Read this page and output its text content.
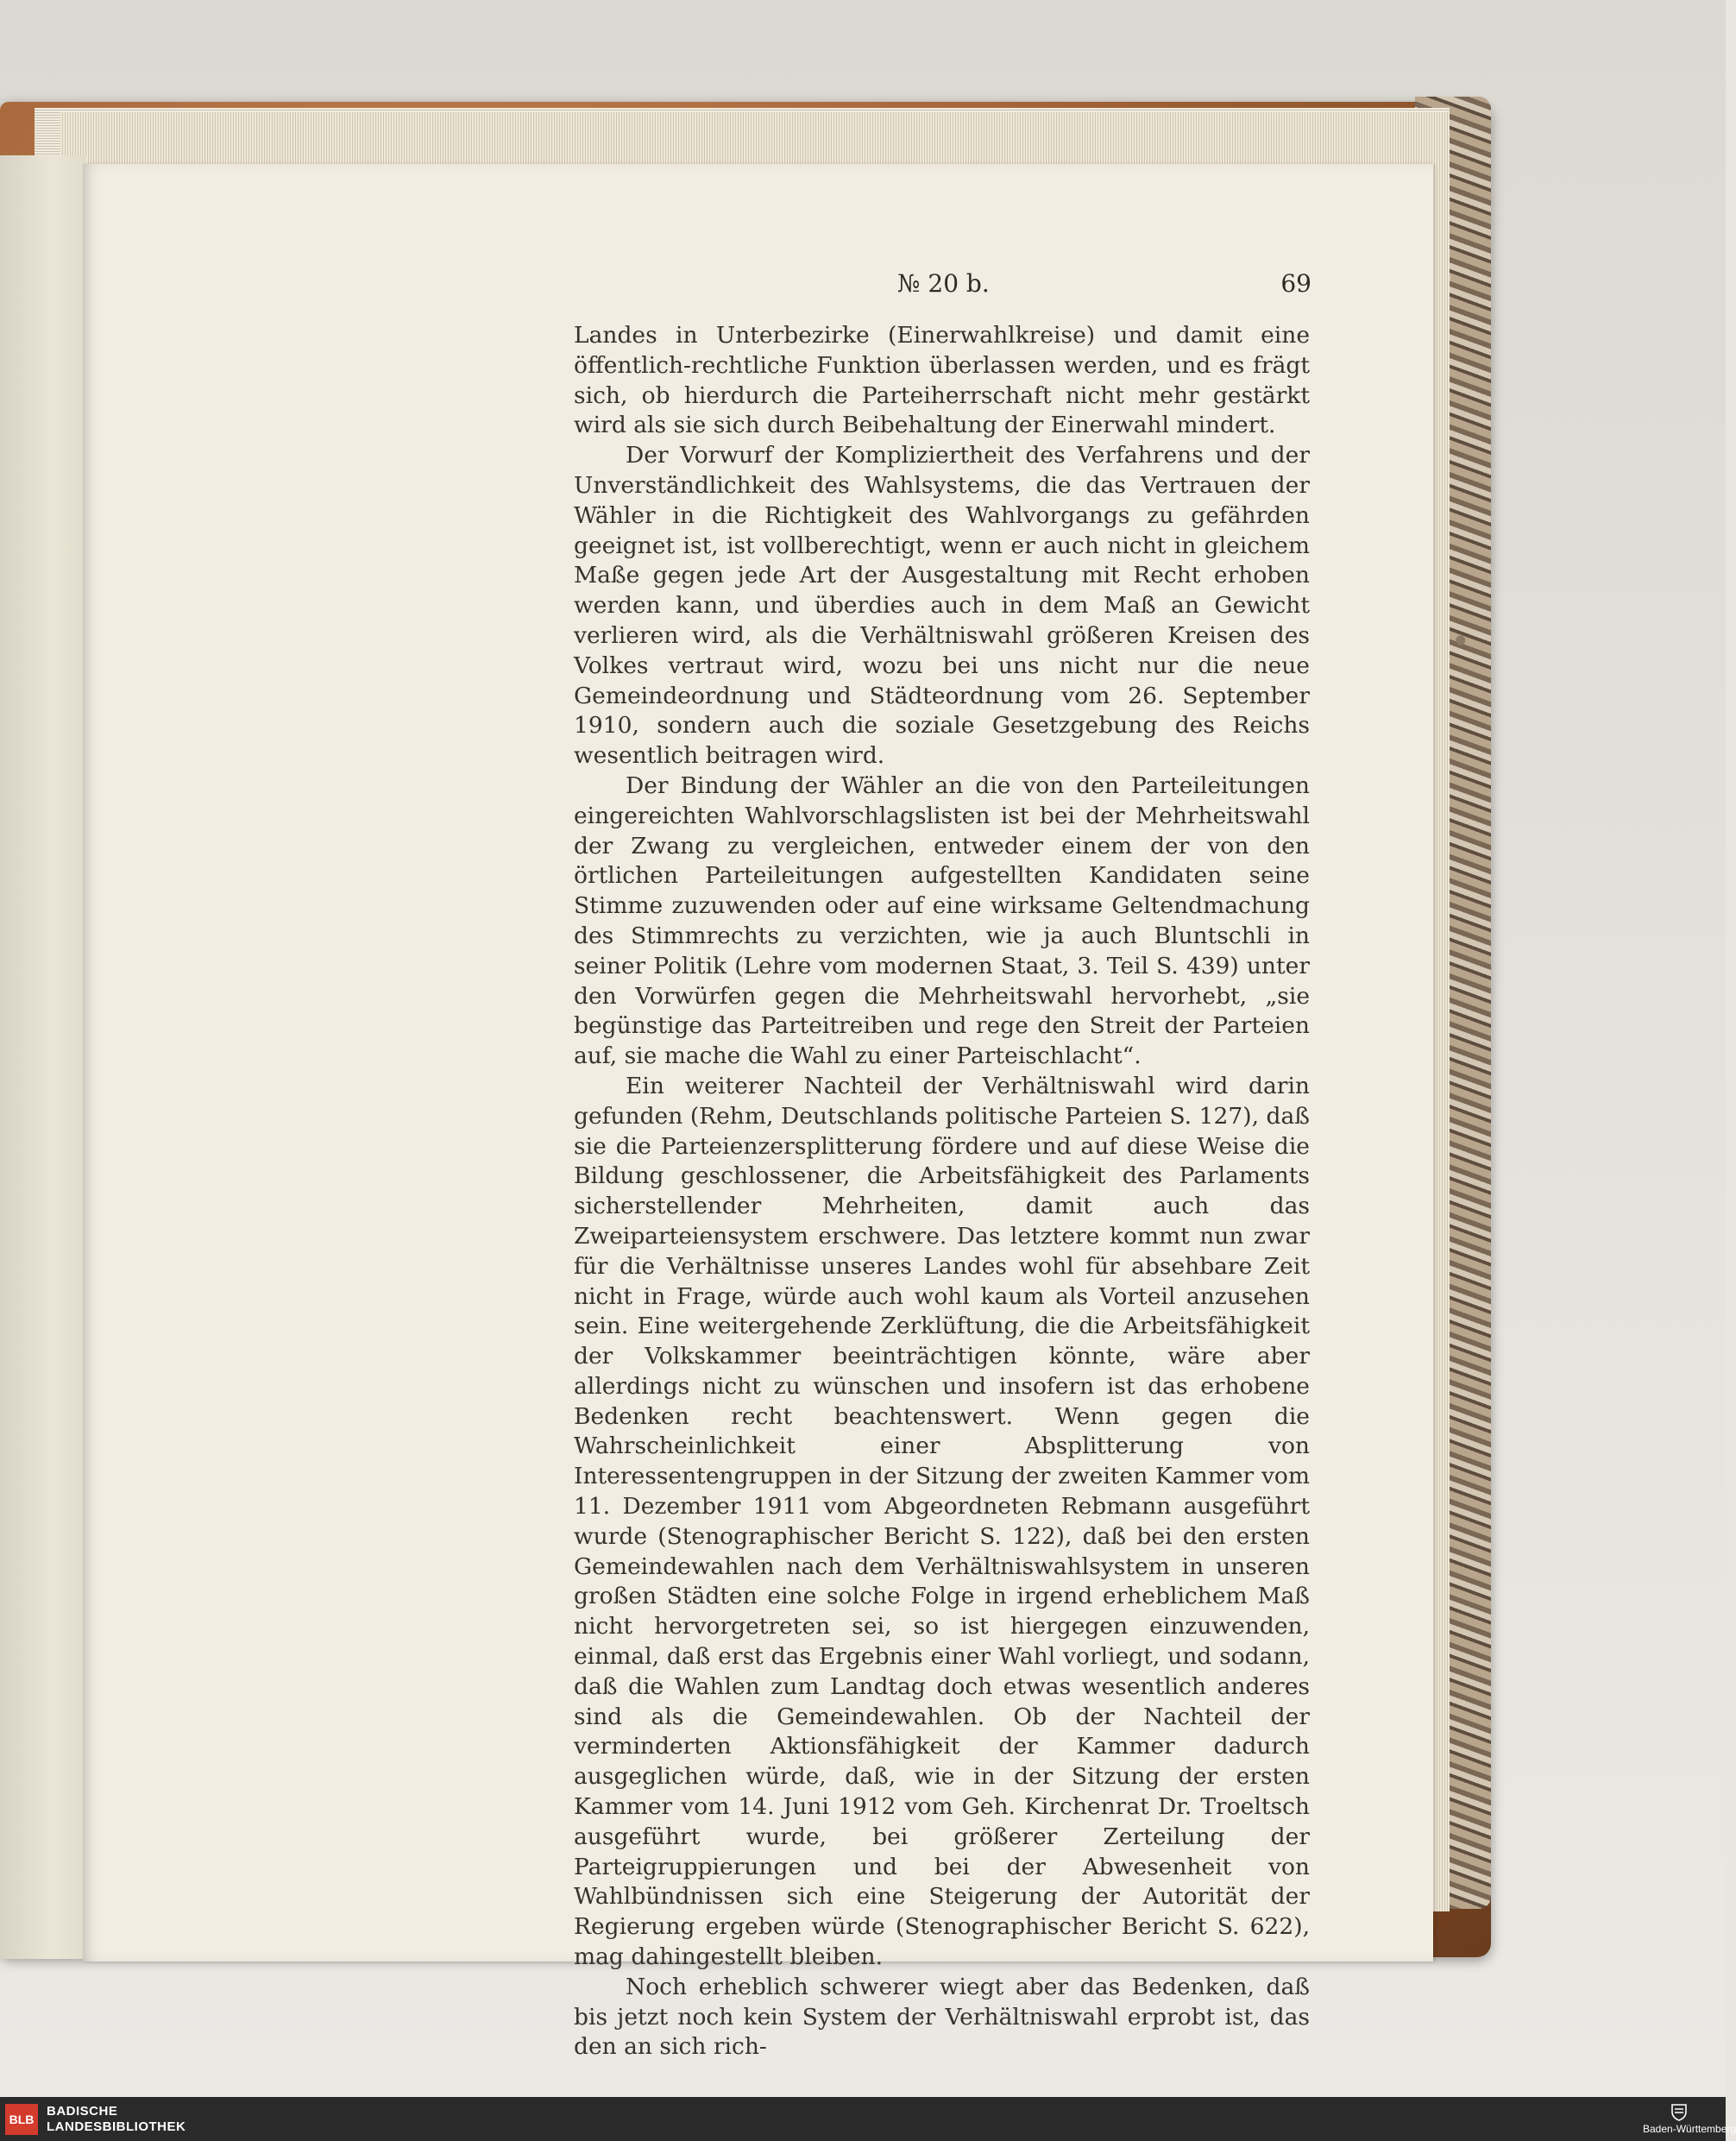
№ 20 b.	69

Landes in Unterbezirke (Einerwahlkreise) und damit eine öffentlich-rechtliche Funktion überlassen werden, und es frägt sich, ob hierdurch die Parteiherrschaft nicht mehr gestärkt wird als sie sich durch Beibehaltung der Einerwahl mindert.

Der Vorwurf der Kompliziertheit des Verfahrens und der Unverständlichkeit des Wahlsystems, die das Vertrauen der Wähler in die Richtigkeit des Wahlvorgangs zu gefährden geeignet ist, ist vollberechtigt, wenn er auch nicht in gleichem Maße gegen jede Art der Ausgestaltung mit Recht erhoben werden kann, und überdies auch in dem Maß an Gewicht verlieren wird, als die Verhältniswahl größeren Kreisen des Volkes vertraut wird, wozu bei uns nicht nur die neue Gemeindeordnung und Städteordnung vom 26. September 1910, sondern auch die soziale Gesetzgebung des Reichs wesentlich beitragen wird.

Der Bindung der Wähler an die von den Parteileitungen eingereichten Wahlvorschlagslisten ist bei der Mehrheitswahl der Zwang zu vergleichen, entweder einem der von den örtlichen Parteileitungen aufgestellten Kandidaten seine Stimme zuzuwenden oder auf eine wirksame Geltendmachung des Stimmrechts zu verzichten, wie ja auch Bluntschli in seiner Politik (Lehre vom modernen Staat, 3. Teil S. 439) unter den Vorwürfen gegen die Mehrheitswahl hervorhebt, „sie begünstige das Parteitreiben und rege den Streit der Parteien auf, sie mache die Wahl zu einer Parteischlacht“.

Ein weiterer Nachteil der Verhältniswahl wird darin gefunden (Rehm, Deutschlands politische Parteien S. 127), daß sie die Parteienzersplitterung fördere und auf diese Weise die Bildung geschlossener, die Arbeitsfähigkeit des Parlaments sicherstellender Mehrheiten, damit auch das Zweiparteiensystem erschwere. Das letztere kommt nun zwar für die Verhältnisse unseres Landes wohl für absehbare Zeit nicht in Frage, würde auch wohl kaum als Vorteil anzusehen sein. Eine weitergehende Zerklüftung, die die Arbeitsfähigkeit der Volkskammer beeinträchtigen könnte, wäre aber allerdings nicht zu wünschen und insofern ist das erhobene Bedenken recht beachtenswert. Wenn gegen die Wahrscheinlichkeit einer Absplitterung von Interessentengruppen in der Sitzung der zweiten Kammer vom 11. Dezember 1911 vom Abgeordneten Rebmann ausgeführt wurde (Stenographischer Bericht S. 122), daß bei den ersten Gemeindewahlen nach dem Verhältniswahlsystem in unseren großen Städten eine solche Folge in irgend erheblichem Maß nicht hervorgetreten sei, so ist hiergegen einzuwenden, einmal, daß erst das Ergebnis einer Wahl vorliegt, und sodann, daß die Wahlen zum Landtag doch etwas wesentlich anderes sind als die Gemeindewahlen. Ob der Nachteil der verminderten Aktionsfähigkeit der Kammer dadurch ausgeglichen würde, daß, wie in der Sitzung der ersten Kammer vom 14. Juni 1912 vom Geh. Kirchenrat Dr. Troeltsch ausgeführt wurde, bei größerer Zerteilung der Parteigruppierungen und bei der Abwesenheit von Wahlbündnissen sich eine Steigerung der Autorität der Regierung ergeben würde (Stenographischer Bericht S. 622), mag dahingestellt bleiben.

Noch erheblich schwerer wiegt aber das Bedenken, daß bis jetzt noch kein System der Verhältniswahl erprobt ist, das den an sich rich-

BLB
BADISCHE
LANDESBIBLIOTHEK	Baden-Württemberg
